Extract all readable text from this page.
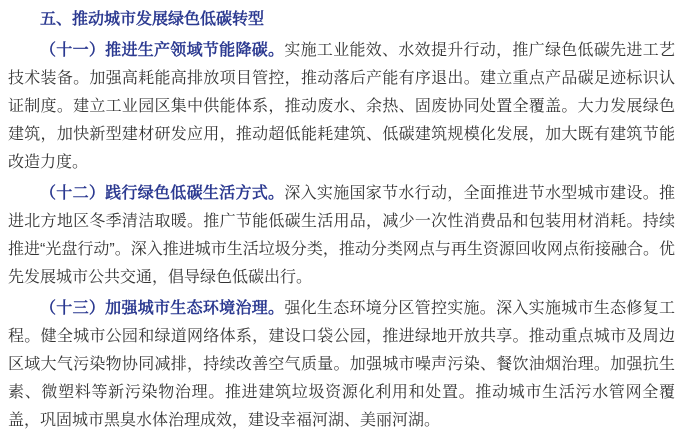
五、推动城市发展绿色低碳转型

（十一）推进生产领域节能降碳。实施工业能效、水效提升行动，推广绿色低碳先进工艺技术装备。加强高耗能高排放项目管控，推动落后产能有序退出。建立重点产品碳足迹标识认证制度。建立工业园区集中供能体系，推动废水、余热、固废协同处置全覆盖。大力发展绿色建筑，加快新型建材研发应用，推动超低能耗建筑、低碳建筑规模化发展，加大既有建筑节能改造力度。

（十二）践行绿色低碳生活方式。深入实施国家节水行动，全面推进节水型城市建设。推进北方地区冬季清洁取暖。推广节能低碳生活用品，减少一次性消费品和包装用材消耗。持续推进“光盘行动”。深入推进城市生活垃圾分类，推动分类网点与再生资源回收网点衔接融合。优先发展城市公共交通，倡导绿色低碳出行。

（十三）加强城市生态环境治理。强化生态环境分区管控实施。深入实施城市生态修复工程。健全城市公园和绿道网络体系，建设口袋公园，推进绿地开放共享。推动重点城市及周边区域大气污染物协同减排，持续改善空气质量。加强城市噪声污染、餐饮油烟治理。加强抗生素、微塑料等新污染物治理。推进建筑垃圾资源化利用和处置。推动城市生活污水管网全覆盖，巩固城市黑臭水体治理成效，建设幸福河湖、美丽河湖。
